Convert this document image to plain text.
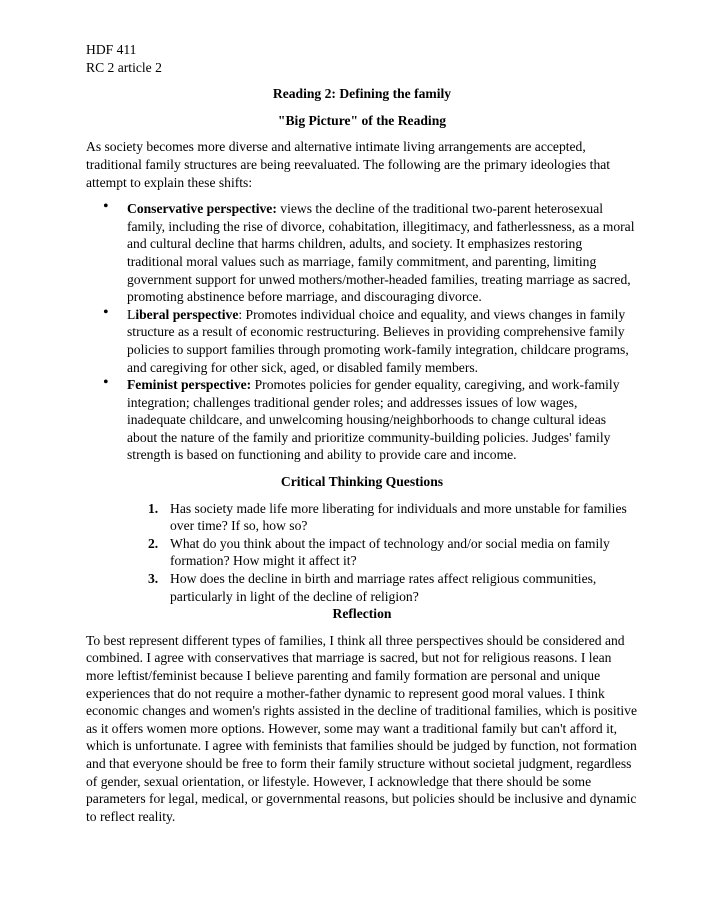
HDF 411

RC 2 article 2

Reading 2: Defining the family

"Big Picture" of the Reading

As society becomes more diverse and alternative intimate living arrangements are accepted, traditional family structures are being reevaluated. The following are the primary ideologies that attempt to explain these shifts:

• Conservative perspective: views the decline of the traditional two-parent heterosexual family, including the rise of divorce, cohabitation, illegitimacy, and fatherlessness, as a moral and cultural decline that harms children, adults, and society. It emphasizes restoring traditional moral values such as marriage, family commitment, and parenting, limiting government support for unwed mothers/mother-headed families, treating marriage as sacred, promoting abstinence before marriage, and discouraging divorce.
• Liberal perspective: Promotes individual choice and equality, and views changes in family structure as a result of economic restructuring. Believes in providing comprehensive family policies to support families through promoting work-family integration, childcare programs, and caregiving for other sick, aged, or disabled family members.
• Feminist perspective: Promotes policies for gender equality, caregiving, and work-family integration; challenges traditional gender roles; and addresses issues of low wages, inadequate childcare, and unwelcoming housing/neighborhoods to change cultural ideas about the nature of the family and prioritize community-building policies. Judges' family strength is based on functioning and ability to provide care and income.

Critical Thinking Questions

1. Has society made life more liberating for individuals and more unstable for families over time? If so, how so?
2. What do you think about the impact of technology and/or social media on family formation? How might it affect it?
3. How does the decline in birth and marriage rates affect religious communities, particularly in light of the decline of religion?

Reflection

To best represent different types of families, I think all three perspectives should be considered and combined. I agree with conservatives that marriage is sacred, but not for religious reasons. I lean more leftist/feminist because I believe parenting and family formation are personal and unique experiences that do not require a mother-father dynamic to represent good moral values. I think economic changes and women's rights assisted in the decline of traditional families, which is positive as it offers women more options. However, some may want a traditional family but can't afford it, which is unfortunate. I agree with feminists that families should be judged by function, not formation and that everyone should be free to form their family structure without societal judgment, regardless of gender, sexual orientation, or lifestyle. However, I acknowledge that there should be some parameters for legal, medical, or governmental reasons, but policies should be inclusive and dynamic to reflect reality.
